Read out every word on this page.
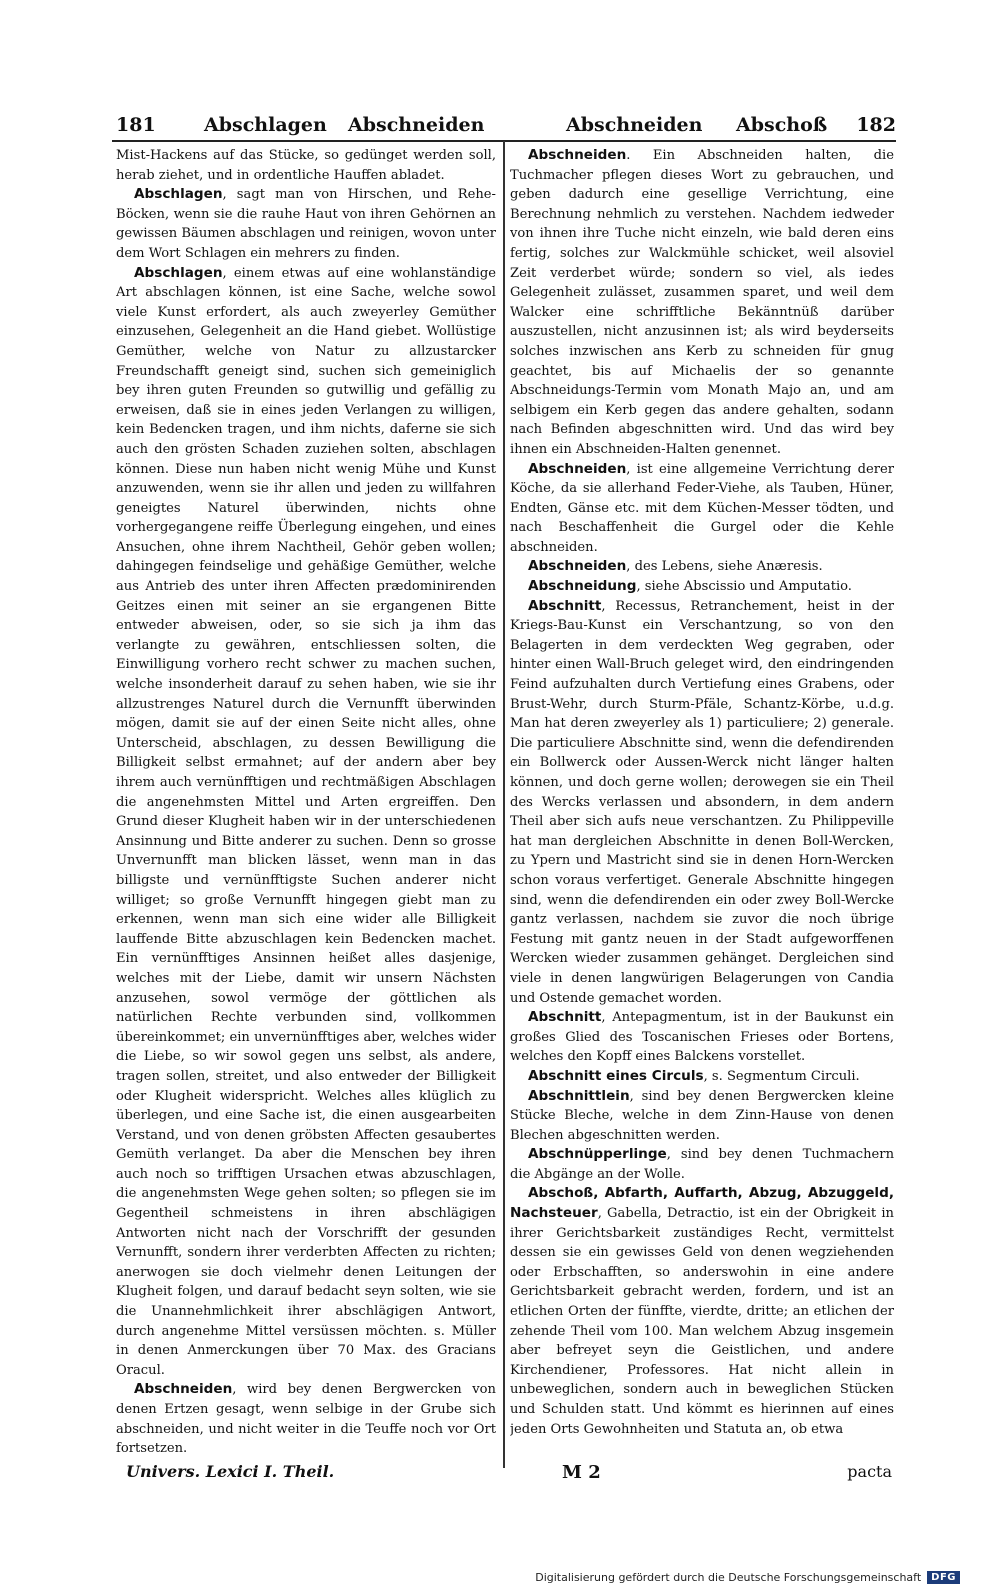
181	Abschlagen Abschneiden	Abschneiden Abschoß 182

Mist-Hackens auf das Stücke, so gedünget werden soll, herab ziehet, und in ordentliche Hauffen abladet.

Abschlagen, sagt man von Hirschen, und Rehe-Böcken, wenn sie die rauhe Haut von ihren Gehörnen an gewissen Bäumen abschlagen und reinigen, wovon unter dem Wort Schlagen ein mehrers zu finden.

Abschlagen, einem etwas auf eine wohlanständige Art abschlagen können, ist eine Sache, welche sowol viele Kunst erfordert, als auch zweyerley Gemüther einzusehen, Gelegenheit an die Hand giebet. Wollüstige Gemüther, welche von Natur zu allzustarcker Freundschafft geneigt sind, suchen sich gemeiniglich bey ihren guten Freunden so gutwillig und gefällig zu erweisen, daß sie in eines jeden Verlangen zu willigen, kein Bedencken tragen, und ihm nichts, daferne sie sich auch den grösten Schaden zuziehen solten, abschlagen können. Diese nun haben nicht wenig Mühe und Kunst anzuwenden, wenn sie ihr allen und jeden zu willfahren geneigtes Naturel überwinden, nichts ohne vorhergegangene reiffe Überlegung eingehen, und eines Ansuchen, ohne ihrem Nachtheil, Gehör geben wollen; dahingegen feindselige und gehäßige Gemüther, welche aus Antrieb des unter ihren Affecten prædominirenden Geitzes einen mit seiner an sie ergangenen Bitte entweder abweisen, oder, so sie sich ja ihm das verlangte zu gewähren, entschliessen solten, die Einwilligung vorhero recht schwer zu machen suchen, welche insonderheit darauf zu sehen haben, wie sie ihr allzustrenges Naturel durch die Vernunfft überwinden mögen, damit sie auf der einen Seite nicht alles, ohne Unterscheid, abschlagen, zu dessen Bewilligung die Billigkeit selbst ermahnet; auf der andern aber bey ihrem auch vernünfftigen und rechtmäßigen Abschlagen die angenehmsten Mittel und Arten ergreiffen. Den Grund dieser Klugheit haben wir in der unterschiedenen Ansinnung und Bitte anderer zu suchen. Denn so grosse Unvernunfft man blicken lässet, wenn man in das billigste und vernünfftigste Suchen anderer nicht williget; so große Vernunfft hingegen giebt man zu erkennen, wenn man sich eine wider alle Billigkeit lauffende Bitte abzuschlagen kein Bedencken machet. Ein vernünfftiges Ansinnen heißet alles dasjenige, welches mit der Liebe, damit wir unsern Nächsten anzusehen, sowol vermöge der göttlichen als natürlichen Rechte verbunden sind, vollkommen übereinkommet; ein unvernünfftiges aber, welches wider die Liebe, so wir sowol gegen uns selbst, als andere, tragen sollen, streitet, und also entweder der Billigkeit oder Klugheit widerspricht. Welches alles klüglich zu überlegen, und eine Sache ist, die einen ausgearbeiten Verstand, und von denen gröbsten Affecten gesaubertes Gemüth verlanget. Da aber die Menschen bey ihren auch noch so trifftigen Ursachen etwas abzuschlagen, die angenehmsten Wege gehen solten; so pflegen sie im Gegentheil schmeistens in ihren abschlägigen Antworten nicht nach der Vorschrifft der gesunden Vernunfft, sondern ihrer verderbten Affecten zu richten; anerwogen sie doch vielmehr denen Leitungen der Klugheit folgen, und darauf bedacht seyn solten, wie sie die Unannehmlichkeit ihrer abschlägigen Antwort, durch angenehme Mittel versüssen möchten. s. Müller in denen Anmerckungen über 70 Max. des Gracians Oracul.

Abschneiden, wird bey denen Bergwercken von denen Ertzen gesagt, wenn selbige in der Grube sich abschneiden, und nicht weiter in die Teuffe noch vor Ort fortsetzen.

Abschneiden. Ein Abschneiden halten, die Tuchmacher pflegen dieses Wort zu gebrauchen, und geben dadurch eine gesellige Verrichtung, eine Berechnung nehmlich zu verstehen. Nachdem iedweder von ihnen ihre Tuche nicht einzeln, wie bald deren eins fertig, solches zur Walckmühle schicket, weil alsoviel Zeit verderbet würde; sondern so viel, als iedes Gelegenheit zulässet, zusammen sparet, und weil dem Walcker eine schrifftliche Bekänntnüß darüber auszustellen, nicht anzusinnen ist; als wird beyderseits solches inzwischen ans Kerb zu schneiden für gnug geachtet, bis auf Michaelis der so genannte Abschneidungs-Termin vom Monath Majo an, und am selbigem ein Kerb gegen das andere gehalten, sodann nach Befinden abgeschnitten wird. Und das wird bey ihnen ein Abschneiden-Halten genennet.

Abschneiden, ist eine allgemeine Verrichtung derer Köche, da sie allerhand Feder-Viehe, als Tauben, Hüner, Endten, Gänse etc. mit dem Küchen-Messer tödten, und nach Beschaffenheit die Gurgel oder die Kehle abschneiden.

Abschneiden, des Lebens, siehe Anæresis.

Abschneidung, siehe Abscissio und Amputatio.

Abschnitt, Recessus, Retranchement, heist in der Kriegs-Bau-Kunst ein Verschantzung, so von den Belagerten in dem verdeckten Weg gegraben, oder hinter einen Wall-Bruch geleget wird, den eindringenden Feind aufzuhalten durch Vertiefung eines Grabens, oder Brust-Wehr, durch Sturm-Pfäle, Schantz-Körbe, u.d.g. Man hat deren zweyerley als 1) particuliere; 2) generale. Die particuliere Abschnitte sind, wenn die defendirenden ein Bollwerck oder Aussen-Werck nicht länger halten können, und doch gerne wollen; derowegen sie ein Theil des Wercks verlassen und absondern, in dem andern Theil aber sich aufs neue verschantzen. Zu Philippeville hat man dergleichen Abschnitte in denen Boll-Wercken, zu Ypern und Mastricht sind sie in denen Horn-Wercken schon voraus verfertiget. Generale Abschnitte hingegen sind, wenn die defendirenden ein oder zwey Boll-Wercke gantz verlassen, nachdem sie zuvor die noch übrige Festung mit gantz neuen in der Stadt aufgeworffenen Wercken wieder zusammen gehänget. Dergleichen sind viele in denen langwürigen Belagerungen von Candia und Ostende gemachet worden.

Abschnitt, Antepagmentum, ist in der Baukunst ein großes Glied des Toscanischen Frieses oder Bortens, welches den Kopff eines Balckens vorstellet.

Abschnitt eines Circuls, s. Segmentum Circuli.

Abschnittlein, sind bey denen Bergwercken kleine Stücke Bleche, welche in dem Zinn-Hause von denen Blechen abgeschnitten werden.

Abschnüpperlinge, sind bey denen Tuchmachern die Abgänge an der Wolle.

Abschoß, Abfarth, Auffarth, Abzug, Abzuggeld, Nachsteuer, Gabella, Detractio, ist ein der Obrigkeit in ihrer Gerichtsbarkeit zuständiges Recht, vermittelst dessen sie ein gewisses Geld von denen wegziehenden oder Erbschafften, so anderswohin in eine andere Gerichtsbarkeit gebracht werden, fordern, und ist an etlichen Orten der fünffte, vierdte, dritte; an etlichen der zehende Theil vom 100. Man welchem Abzug insgemein aber befreyet seyn die Geistlichen, und andere Kirchendiener, Professores. Hat nicht allein in unbeweglichen, sondern auch in beweglichen Stücken und Schulden statt. Und kömmt es hierinnen auf eines jeden Orts Gewohnheiten und Statuta an, ob etwa

Univers. Lexici I. Theil.	M 2	pacta
Digitalisierung gefördert durch die Deutsche Forschungsgemeinschaft	DFG
